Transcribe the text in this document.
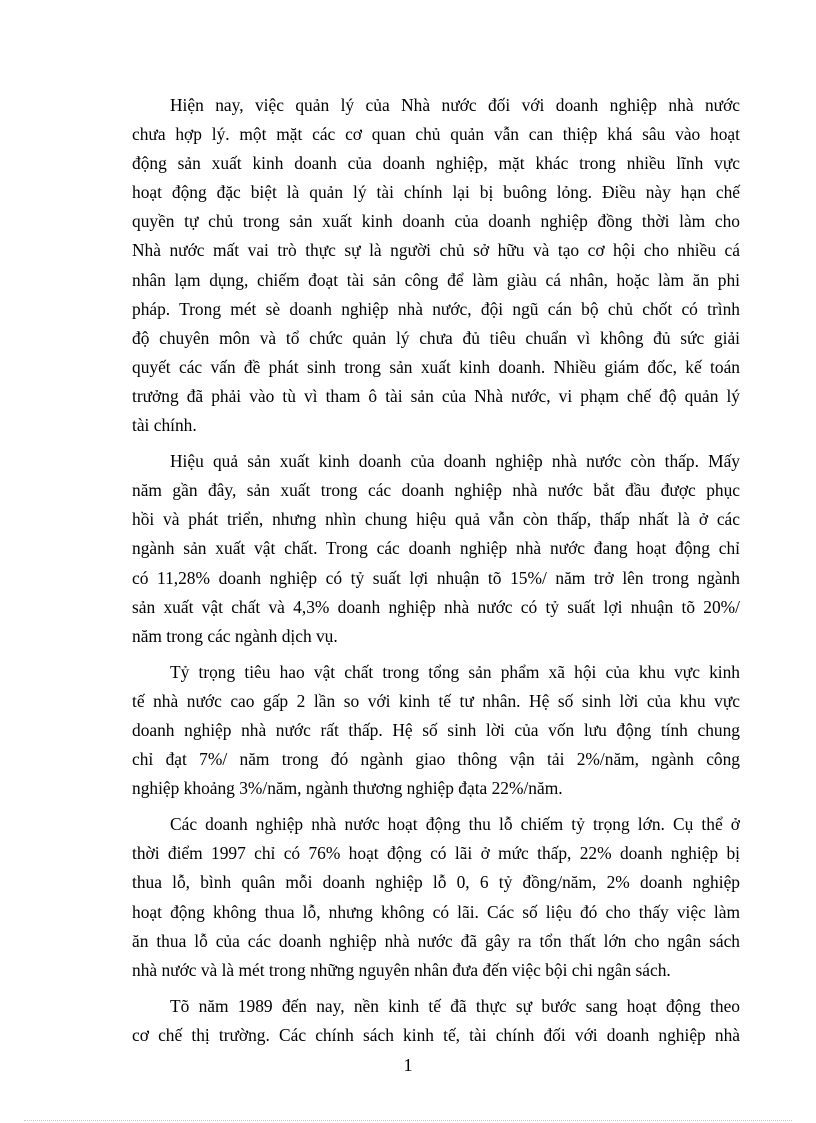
Hiện nay, việc quản lý của Nhà nước đối với doanh nghiệp nhà nước
chưa hợp lý. một mặt các cơ quan chủ quản vẫn can thiệp khá sâu vào hoạt
động sản xuất kinh doanh của doanh nghiệp, mặt khác trong nhiều lĩnh vực
hoạt động đặc biệt là quản lý tài chính lại bị buông lỏng. Điều này hạn chế
quyền tự chủ trong sản xuất kinh doanh của doanh nghiệp đồng thời làm cho
Nhà nước mất vai trò thực sự là người chủ sở hữu và tạo cơ hội cho nhiều cá
nhân lạm dụng, chiếm đoạt tài sản công để làm giàu cá nhân, hoặc làm ăn phi
pháp. Trong mét sè doanh nghiệp nhà nước, đội ngũ cán bộ chủ chốt có trình
độ chuyên môn và tổ chức quản lý chưa đủ tiêu chuẩn vì không đủ sức giải
quyết các vấn đề phát sinh trong sản xuất kinh doanh. Nhiều giám đốc, kế toán
trưởng đã phải vào tù vì tham ô tài sản của Nhà nước, vi phạm chế độ quản lý
tài chính.

Hiệu quả sản xuất kinh doanh của doanh nghiệp nhà nước còn thấp. Mấy
năm gần đây, sản xuất trong các doanh nghiệp nhà nước bắt đầu được phục
hồi và phát triển, nhưng nhìn chung hiệu quả vẫn còn thấp, thấp nhất là ở các
ngành sản xuất vật chất. Trong các doanh nghiệp nhà nước đang hoạt động chỉ
có 11,28% doanh nghiệp có tỷ suất lợi nhuận tõ 15%/ năm trở lên trong ngành
sản xuất vật chất và 4,3% doanh nghiệp nhà nước có tỷ suất lợi nhuận tõ 20%/
năm trong các ngành dịch vụ.

Tỷ trọng tiêu hao vật chất trong tổng sản phẩm xã hội của khu vực kinh
tế nhà nước cao gấp 2 lần so với kinh tế tư nhân. Hệ số sinh lời của khu vực
doanh nghiệp nhà nước rất thấp. Hệ số sinh lời của vốn lưu động tính chung
chỉ đạt 7%/ năm trong đó ngành giao thông vận tải 2%/năm, ngành công
nghiệp khoảng 3%/năm, ngành thương nghiệp đạta 22%/năm.

Các doanh nghiệp nhà nước hoạt động thu lỗ chiếm tỷ trọng lớn. Cụ thể ở
thời điểm 1997 chỉ có 76% hoạt động có lãi ở mức thấp, 22% doanh nghiệp bị
thua lỗ, bình quân mỗi doanh nghiệp lỗ 0, 6 tỷ đồng/năm, 2% doanh nghiệp
hoạt động không thua lỗ, nhưng không có lãi. Các số liệu đó cho thấy việc làm
ăn thua lỗ của các doanh nghiệp nhà nước đã gây ra tổn thất lớn cho ngân sách
nhà nước và là mét trong những nguyên nhân đưa đến việc bội chi ngân sách.

Tõ năm 1989 đến nay, nền kinh tế đã thực sự bước sang hoạt động theo
cơ chế thị trường. Các chính sách kinh tế, tài chính đối với doanh nghiệp nhà

1
